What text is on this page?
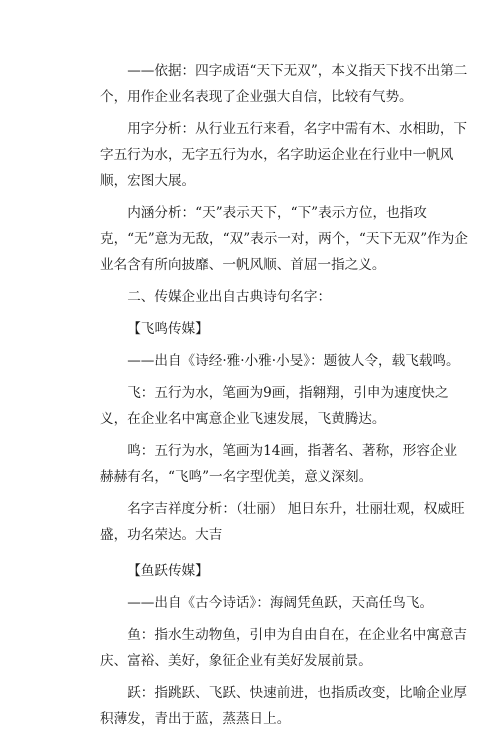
——依据：四字成语“天下无双”，本义指天下找不出第二个，用作企业名表现了企业强大自信，比较有气势。

用字分析：从行业五行来看，名字中需有木、水相助，下字五行为水，无字五行为水，名字助运企业在行业中一帆风顺，宏图大展。

内涵分析：“天”表示天下，“下”表示方位，也指攻克，“无”意为无敌，“双”表示一对，两个，“天下无双”作为企业名含有所向披靡、一帆风顺、首屈一指之义。

二、传媒企业出自古典诗句名字：

【飞鸣传媒】

——出自《诗经·雅·小雅·小旻》：题彼人令，载飞载鸣。

飞：五行为水，笔画为9画，指翱翔，引申为速度快之义，在企业名中寓意企业飞速发展，飞黄腾达。

鸣：五行为水，笔画为14画，指著名、著称，形容企业赫赫有名，“飞鸣”一名字型优美，意义深刻。

名字吉祥度分析：（壮丽） 旭日东升，壮丽壮观，权威旺盛，功名荣达。大吉

【鱼跃传媒】

——出自《古今诗话》：海阔凭鱼跃，天高任鸟飞。

鱼：指水生动物鱼，引申为自由自在，在企业名中寓意吉庆、富裕、美好，象征企业有美好发展前景。

跃：指跳跃、飞跃、快速前进，也指质改变，比喻企业厚积薄发，青出于蓝，蒸蒸日上。
